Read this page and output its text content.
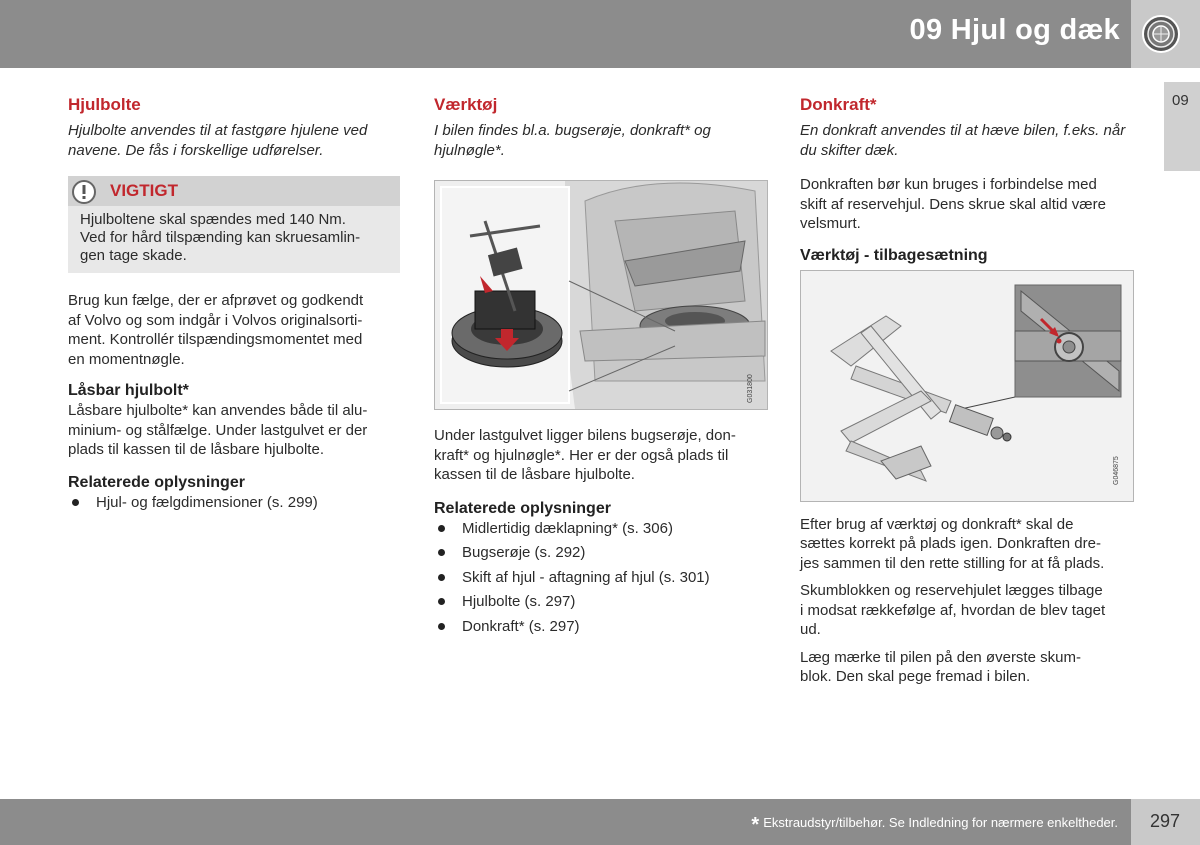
09 Hjul og dæk
09
Hjulbolte
Hjulbolte anvendes til at fastgøre hjulene ved navene. De fås i forskellige udførelser.
VIGTIGT
Hjulboltene skal spændes med 140 Nm.
Ved for hård tilspænding kan skruesamlin-
gen tage skade.

Brug kun fælge, der er afprøvet og godkendt

af Volvo og som indgår i Volvos originalsorti-

ment. Kontrollér tilspændingsmomentet med

en momentnøgle.

Låsbar hjulbolt*

Låsbare hjulbolte* kan anvendes både til alu-

minium- og stålfælge. Under lastgulvet er der

plads til kassen til de låsbare hjulbolte.

Relaterede oplysninger
Hjul- og fælgdimensioner (s. 299)
Værktøj
I bilen findes bl.a. bugserøje, donkraft* og hjulnøgle*.
G031800

Under lastgulvet ligger bilens bugserøje, don-

kraft* og hjulnøgle*. Her er der også plads til

kassen til de låsbare hjulbolte.

Relaterede oplysninger
Midlertidig dæklapning* (s. 306)
Bugserøje (s. 292)
Skift af hjul - aftagning af hjul (s. 301)
Hjulbolte (s. 297)
Donkraft* (s. 297)
Donkraft*
En donkraft anvendes til at hæve bilen, f.eks. når du skifter dæk.

Donkraften bør kun bruges i forbindelse med

skift af reservehjul. Dens skrue skal altid være

velsmurt.

Værktøj - tilbagesætning
G046875

Efter brug af værktøj og donkraft* skal de

sættes korrekt på plads igen. Donkraften dre-

jes sammen til den rette stilling for at få plads.

Skumblokken og reservehjulet lægges tilbage

i modsat rækkefølge af, hvordan de blev taget

ud.

Læg mærke til pilen på den øverste skum-

blok. Den skal pege fremad i bilen.

* Ekstraudstyr/tilbehør. Se Indledning for nærmere enkeltheder. 297
